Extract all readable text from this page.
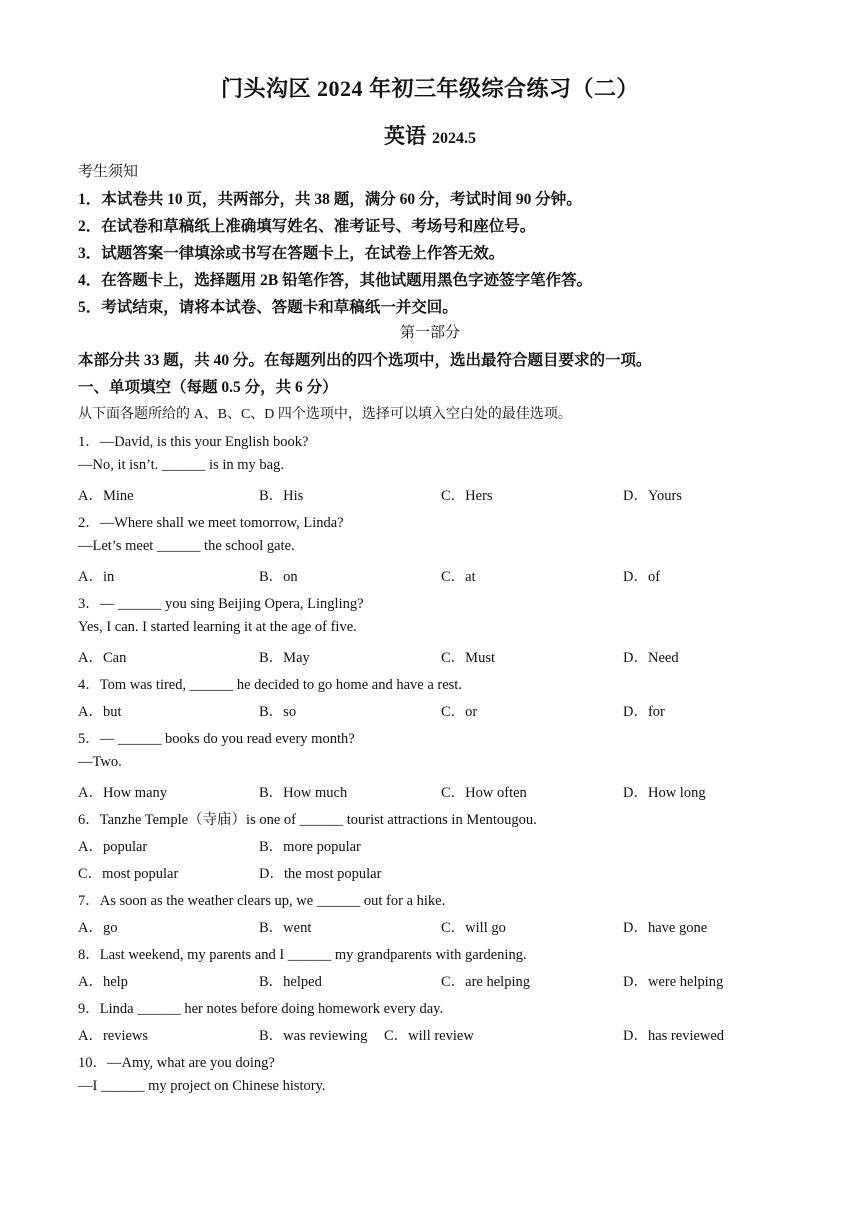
门头沟区 2024 年初三年级综合练习（二）
英语 2024.5
考生须知
1．本试卷共 10 页，共两部分，共 38 题，满分 60 分，考试时间 90 分钟。
2．在试卷和草稿纸上准确填写姓名、准考证号、考场号和座位号。
3．试题答案一律填涂或书写在答题卡上，在试卷上作答无效。
4．在答题卡上，选择题用 2B 铅笔作答，其他试题用黑色字迹签字笔作答。
5．考试结束，请将本试卷、答题卡和草稿纸一并交回。
第一部分
本部分共 33 题，共 40 分。在每题列出的四个选项中，选出最符合题目要求的一项。
一、单项填空（每题 0.5 分，共 6 分）
从下面各题所给的 A、B、C、D 四个选项中，选择可以填入空白处的最佳选项。
1．—David, is this your English book?
—No, it isn’t. ______ is in my bag.
A．Mine	B．His	C．Hers	D．Yours
2．—Where shall we meet tomorrow, Linda?
—Let’s meet ______ the school gate.
A．in	B．on	C．at	D．of
3．— ______ you sing Beijing Opera, Lingling?
Yes, I can. I started learning it at the age of five.
A．Can	B．May	C．Must	D．Need
4．Tom was tired, ______ he decided to go home and have a rest.
A．but	B．so	C．or	D．for
5．— ______ books do you read every month?
—Two.
A．How many	B．How much	C．How often	D．How long
6．Tanzhe Temple（寺庙）is one of ______ tourist attractions in Mentougou.
A．popular	B．more popular
C．most popular	D．the most popular
7．As soon as the weather clears up, we ______ out for a hike.
A．go	B．went	C．will go	D．have gone
8．Last weekend, my parents and I ______ my grandparents with gardening.
A．help	B．helped	C．are helping	D．were helping
9．Linda ______ her notes before doing homework every day.
A．reviews	B．was reviewing C．will review	D．has reviewed
10．—Amy, what are you doing?
—I ______ my project on Chinese history.
